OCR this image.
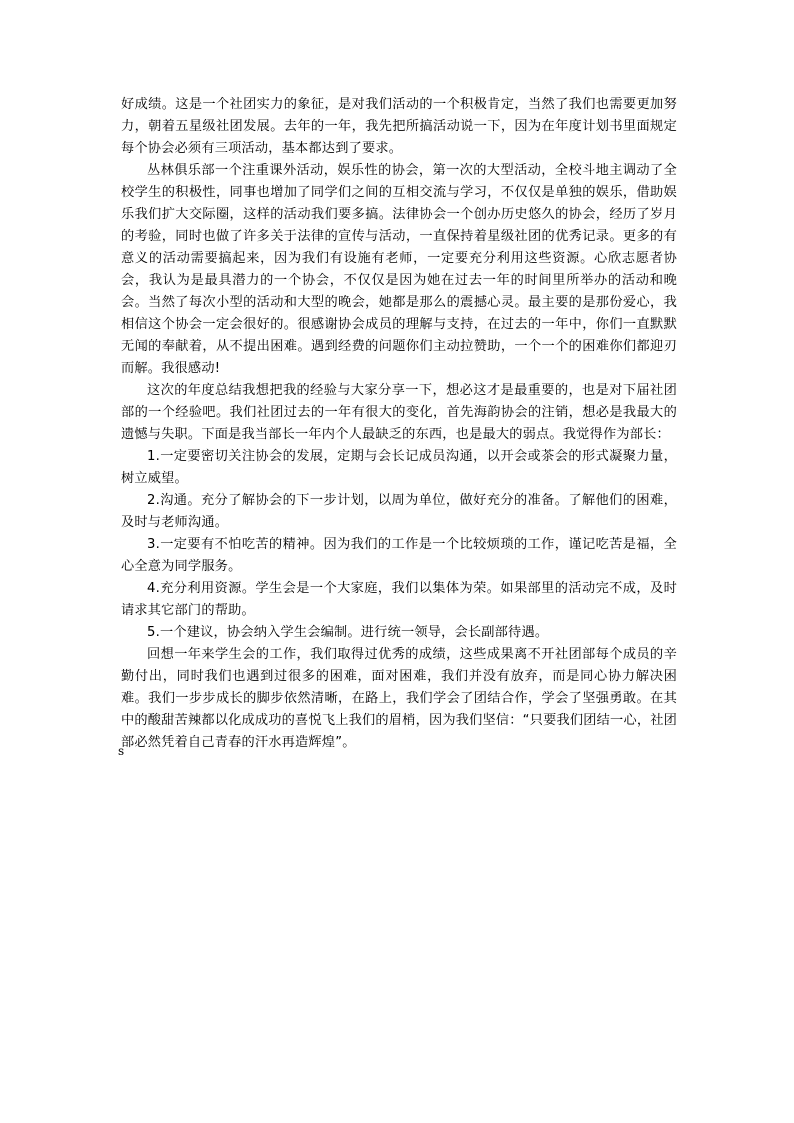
好成绩。这是一个社团实力的象征，是对我们活动的一个积极肯定，当然了我们也需要更加努力，朝着五星级社团发展。去年的一年，我先把所搞活动说一下，因为在年度计划书里面规定每个协会必须有三项活动，基本都达到了要求。

丛林俱乐部一个注重课外活动，娱乐性的协会，第一次的大型活动，全校斗地主调动了全校学生的积极性，同事也增加了同学们之间的互相交流与学习，不仅仅是单独的娱乐，借助娱乐我们扩大交际圈，这样的活动我们要多搞。法律协会一个创办历史悠久的协会，经历了岁月的考验，同时也做了许多关于法律的宣传与活动，一直保持着星级社团的优秀记录。更多的有意义的活动需要搞起来，因为我们有设施有老师，一定要充分利用这些资源。心欣志愿者协会，我认为是最具潜力的一个协会，不仅仅是因为她在过去一年的时间里所举办的活动和晚会。当然了每次小型的活动和大型的晚会，她都是那么的震撼心灵。最主要的是那份爱心，我相信这个协会一定会很好的。很感谢协会成员的理解与支持，在过去的一年中，你们一直默默无闻的奉献着，从不提出困难。遇到经费的问题你们主动拉赞助，一个一个的困难你们都迎刃而解。我很感动!

这次的年度总结我想把我的经验与大家分享一下，想必这才是最重要的，也是对下届社团部的一个经验吧。我们社团过去的一年有很大的变化，首先海韵协会的注销，想必是我最大的遗憾与失职。下面是我当部长一年内个人最缺乏的东西，也是最大的弱点。我觉得作为部长：

1.一定要密切关注协会的发展，定期与会长记成员沟通，以开会或茶会的形式凝聚力量，树立威望。

2.沟通。充分了解协会的下一步计划，以周为单位，做好充分的准备。了解他们的困难，及时与老师沟通。

3.一定要有不怕吃苦的精神。因为我们的工作是一个比较烦琐的工作，谨记吃苦是福，全心全意为同学服务。

4.充分利用资源。学生会是一个大家庭，我们以集体为荣。如果部里的活动完不成，及时请求其它部门的帮助。

5.一个建议，协会纳入学生会编制。进行统一领导，会长副部待遇。

回想一年来学生会的工作，我们取得过优秀的成绩，这些成果离不开社团部每个成员的辛勤付出，同时我们也遇到过很多的困难，面对困难，我们并没有放弃，而是同心协力解决困难。我们一步步成长的脚步依然清晰，在路上，我们学会了团结合作，学会了坚强勇敢。在其中的酸甜苦辣都以化成成功的喜悦飞上我们的眉梢，因为我们坚信：“只要我们团结一心，社团部必然凭着自己青春的汗水再造辉煌”。

s
